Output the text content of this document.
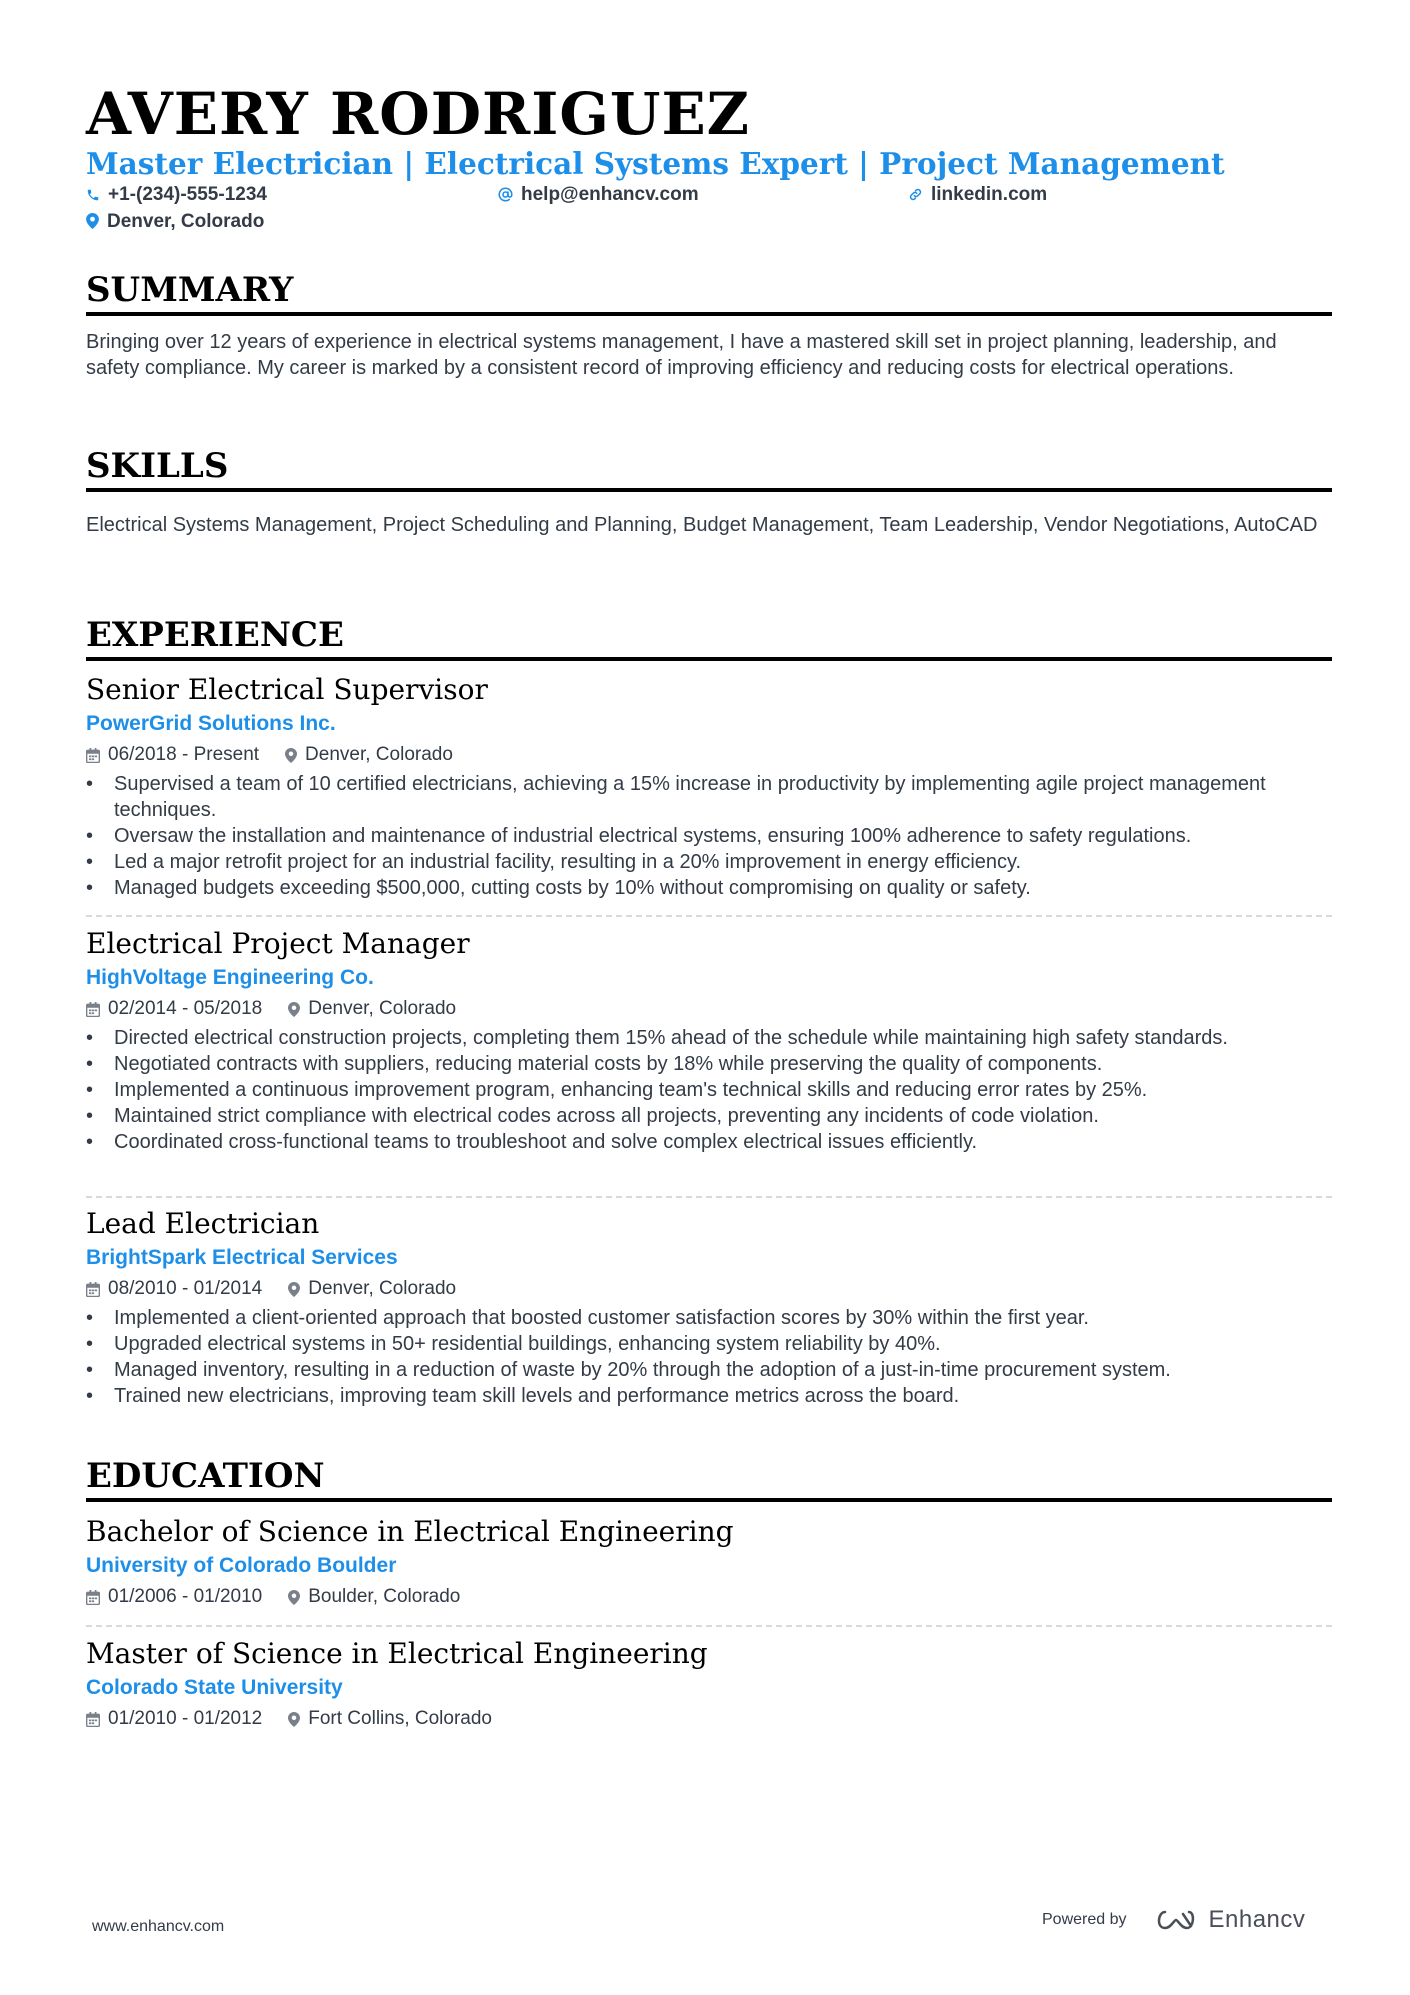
AVERY RODRIGUEZ
Master Electrician | Electrical Systems Expert | Project Management
+1-(234)-555-1234	help@enhancv.com	linkedin.com
Denver, Colorado
SUMMARY
Bringing over 12 years of experience in electrical systems management, I have a mastered skill set in project planning, leadership, and safety compliance. My career is marked by a consistent record of improving efficiency and reducing costs for electrical operations.
SKILLS
Electrical Systems Management, Project Scheduling and Planning, Budget Management, Team Leadership, Vendor Negotiations, AutoCAD
EXPERIENCE
Senior Electrical Supervisor
PowerGrid Solutions Inc.
06/2018 - Present Denver, Colorado
•	Supervised a team of 10 certified electricians, achieving a 15% increase in productivity by implementing agile project management techniques.
•	Oversaw the installation and maintenance of industrial electrical systems, ensuring 100% adherence to safety regulations.
•	Led a major retrofit project for an industrial facility, resulting in a 20% improvement in energy efficiency.
•	Managed budgets exceeding $500,000, cutting costs by 10% without compromising on quality or safety.
Electrical Project Manager
HighVoltage Engineering Co.
02/2014 - 05/2018 Denver, Colorado
•	Directed electrical construction projects, completing them 15% ahead of the schedule while maintaining high safety standards.
•	Negotiated contracts with suppliers, reducing material costs by 18% while preserving the quality of components.
•	Implemented a continuous improvement program, enhancing team's technical skills and reducing error rates by 25%.
•	Maintained strict compliance with electrical codes across all projects, preventing any incidents of code violation.
•	Coordinated cross-functional teams to troubleshoot and solve complex electrical issues efficiently.
Lead Electrician
BrightSpark Electrical Services
08/2010 - 01/2014 Denver, Colorado
•	Implemented a client-oriented approach that boosted customer satisfaction scores by 30% within the first year.
•	Upgraded electrical systems in 50+ residential buildings, enhancing system reliability by 40%.
•	Managed inventory, resulting in a reduction of waste by 20% through the adoption of a just-in-time procurement system.
•	Trained new electricians, improving team skill levels and performance metrics across the board.
EDUCATION
Bachelor of Science in Electrical Engineering
University of Colorado Boulder
01/2006 - 01/2010 Boulder, Colorado
Master of Science in Electrical Engineering
Colorado State University
01/2010 - 01/2012 Fort Collins, Colorado
www.enhancv.com	Powered by	Enhancv
